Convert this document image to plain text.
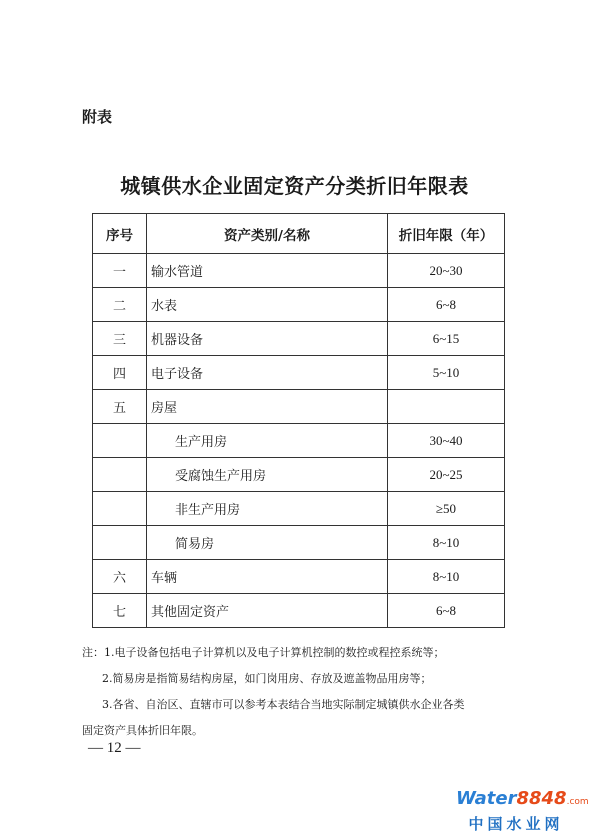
附表
城镇供水企业固定资产分类折旧年限表
序号	资产类别/名称	折旧年限（年）
一	输水管道	20~30
二	水表	6~8
三	机器设备	6~15
四	电子设备	5~10
五	房屋	
	生产用房	30~40
	受腐蚀生产用房	20~25
	非生产用房	≥50
	简易房	8~10
六	车辆	8~10
七	其他固定资产	6~8
注：1.电子设备包括电子计算机以及电子计算机控制的数控或程控系统等；
2.简易房是指简易结构房屋，如门岗用房、存放及遮盖物品用房等；
3.各省、自治区、直辖市可以参考本表结合当地实际制定城镇供水企业各类
固定资产具体折旧年限。
— 12 —
Water8848.com
中国水业网
